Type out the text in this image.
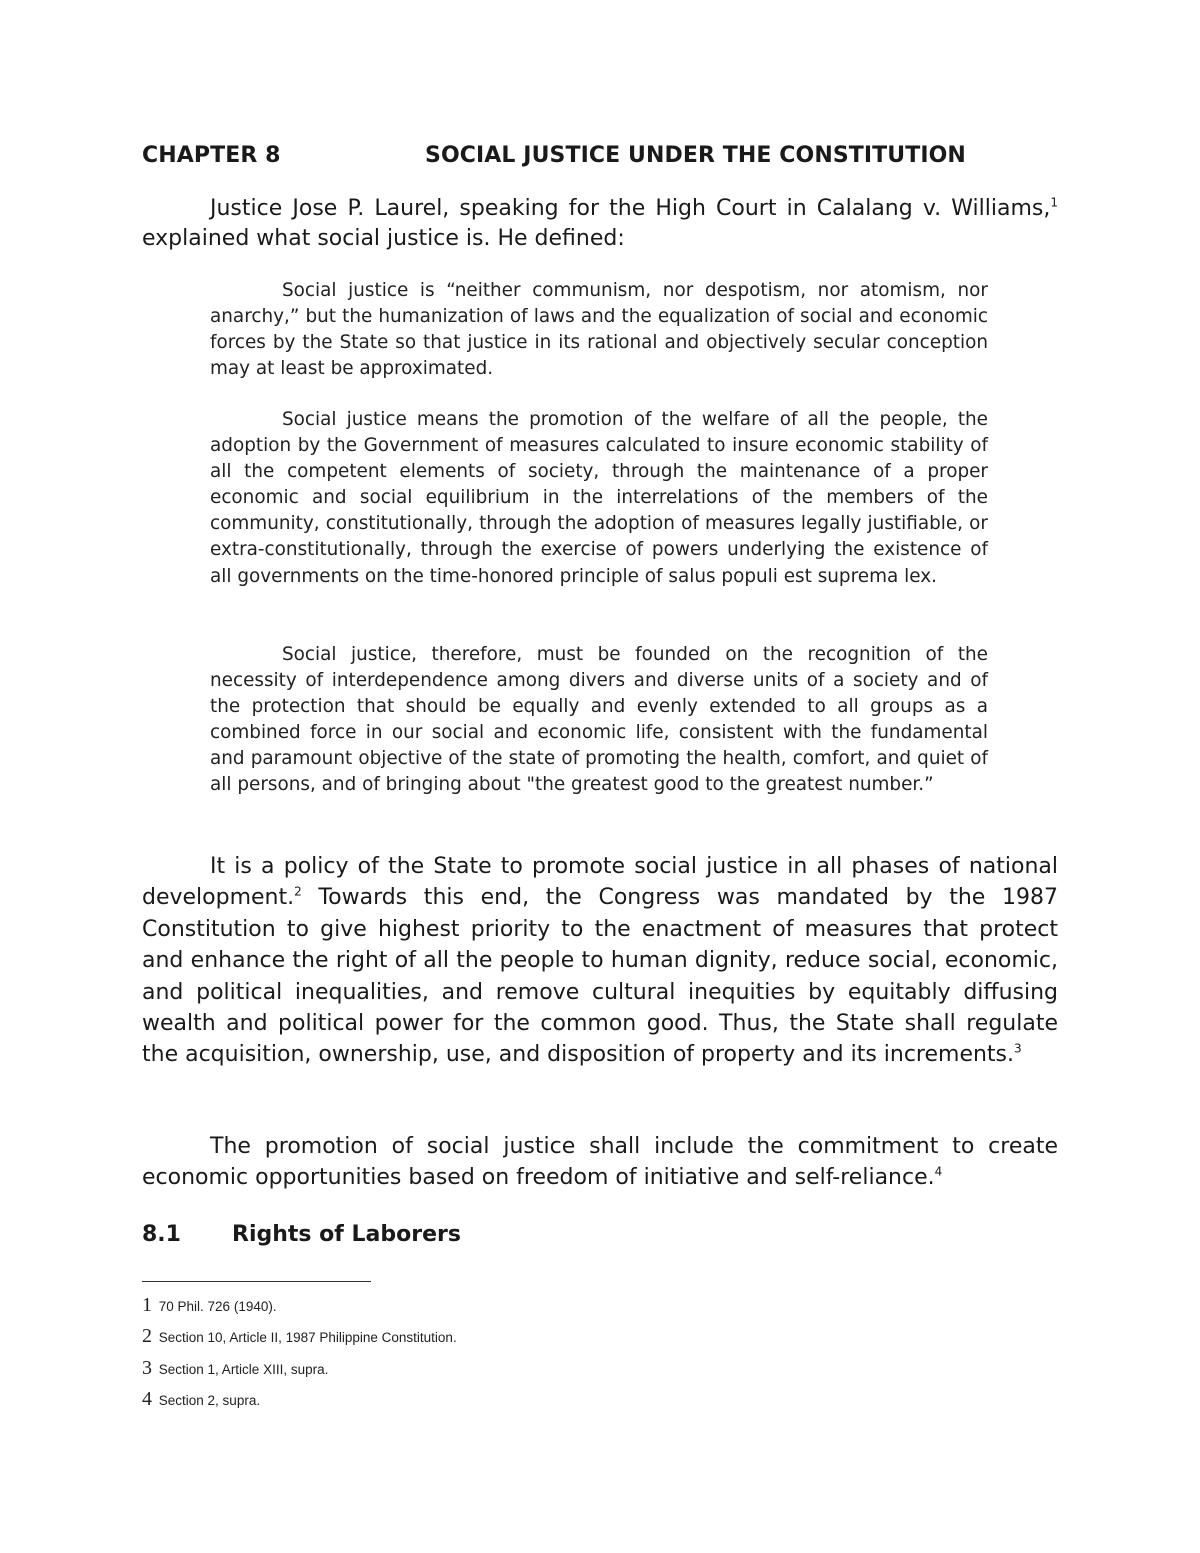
CHAPTER 8	SOCIAL JUSTICE UNDER THE CONSTITUTION

Justice Jose P. Laurel, speaking for the High Court in Calalang v. Williams,$^1$ explained what social justice is. He defined:

Social justice is “neither communism, nor despotism, nor atomism, nor anarchy,” but the humanization of laws and the equalization of social and economic forces by the State so that justice in its rational and objectively secular conception may at least be approximated.

Social justice means the promotion of the welfare of all the people, the adoption by the Government of measures calculated to insure economic stability of all the competent elements of society, through the maintenance of a proper economic and social equilibrium in the interrelations of the members of the community, constitutionally, through the adoption of measures legally justifiable, or extra-constitutionally, through the exercise of powers underlying the existence of all governments on the time-honored principle of salus populi est suprema lex.

Social justice, therefore, must be founded on the recognition of the necessity of interdependence among divers and diverse units of a society and of the protection that should be equally and evenly extended to all groups as a combined force in our social and economic life, consistent with the fundamental and paramount objective of the state of promoting the health, comfort, and quiet of all persons, and of bringing about "the greatest good to the greatest number.”

It is a policy of the State to promote social justice in all phases of national development.$^2$ Towards this end, the Congress was mandated by the 1987 Constitution to give highest priority to the enactment of measures that protect and enhance the right of all the people to human dignity, reduce social, economic, and political inequalities, and remove cultural inequities by equitably diffusing wealth and political power for the common good. Thus, the State shall regulate the acquisition, ownership, use, and disposition of property and its increments.$^3$

The promotion of social justice shall include the commitment to create economic opportunities based on freedom of initiative and self-reliance.$^4$

8.1 Rights of Laborers
1 70 Phil. 726 (1940).
2 Section 10, Article II, 1987 Philippine Constitution.
3 Section 1, Article XIII, supra.
4 Section 2, supra.
